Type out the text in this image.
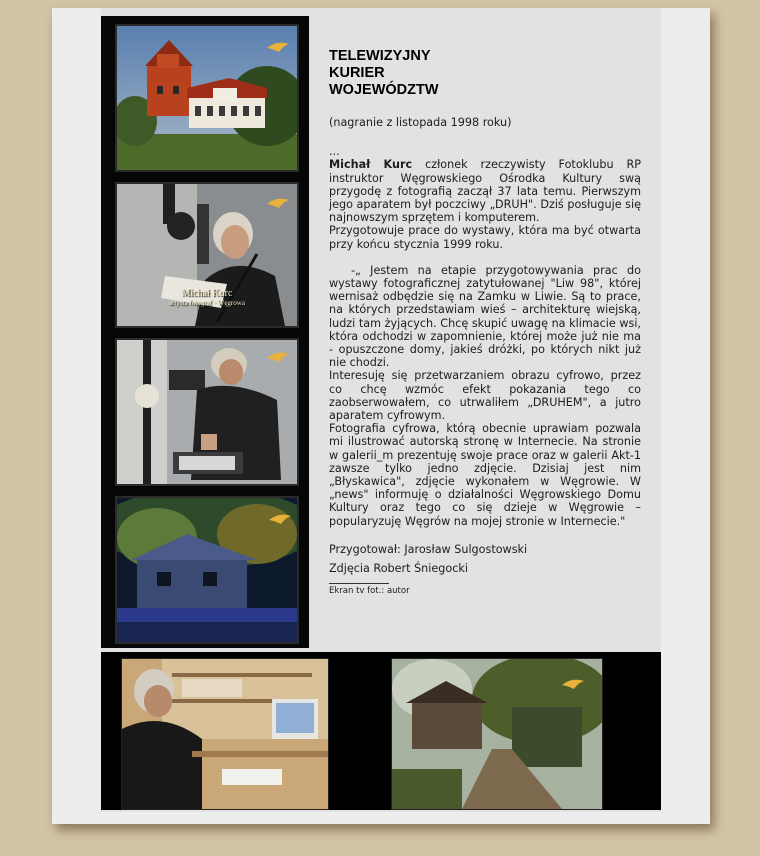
Michał Kurc
artysta fotograf · Węgrowa
TELEWIZYJNY
KURIER
WOJEWÓDZTW

(nagranie z listopada 1998 roku)

...

Michał Kurc członek rzeczywisty Fotoklubu RP instruktor Węgrowskiego Ośrodka Kultury swą przygodę z fotografią zaczął 37 lata temu. Pierwszym jego aparatem był poczciwy „DRUH". Dziś posługuje się najnowszym sprzętem i komputerem.

Przygotowuje prace do wystawy, która ma być otwarta przy końcu stycznia 1999 roku.

-„ Jestem na etapie przygotowywania prac do wystawy fotograficznej zatytułowanej "Liw 98", której wernisaż odbędzie się na Zamku w Liwie. Są to prace, na których przedstawiam wieś – architekturę wiejską, ludzi tam żyjących. Chcę skupić uwagę na klimacie wsi, która odchodzi w zapomnienie, której może już nie ma - opuszczone domy, jakieś dróżki, po których nikt już nie chodzi.

Interesuję się przetwarzaniem obrazu cyfrowo, przez co chcę wzmóc efekt pokazania tego co zaobserwowałem, co utrwaliłem „DRUHEM", a jutro aparatem cyfrowym.

Fotografia cyfrowa, którą obecnie uprawiam pozwala mi ilustrować autorską stronę w Internecie. Na stronie w galerii_m prezentuję swoje prace oraz w galerii Akt-1 zawsze tylko jedno zdjęcie. Dzisiaj jest nim „Błyskawica", zdjęcie wykonałem w Węgrowie. W „news" informuję o działalności Węgrowskiego Domu Kultury oraz tego co się dzieje w Węgrowie – popularyzuję Węgrów na mojej stronie w Internecie."

Przygotował: Jarosław Sulgostowski

Zdjęcia Robert Śniegocki

Ekran tv fot.: autor
